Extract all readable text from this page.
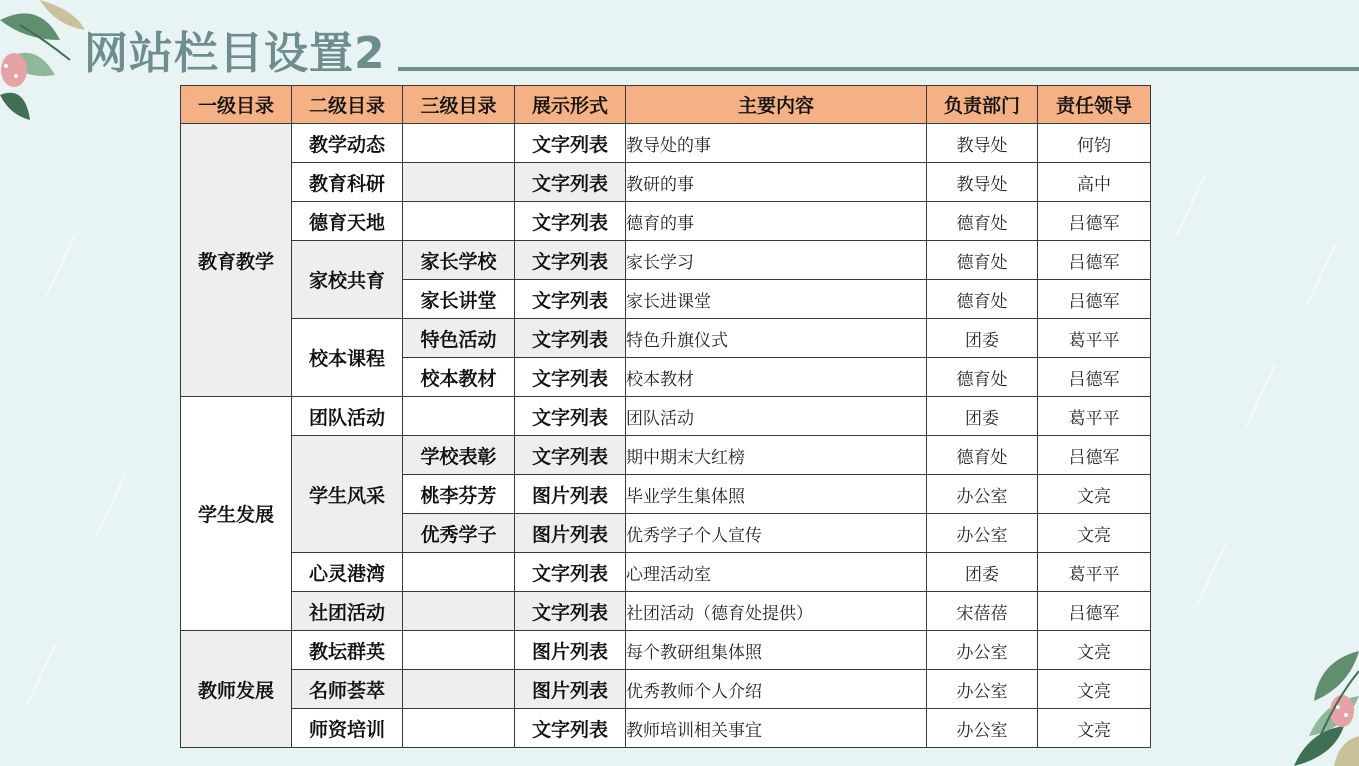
网站栏目设置2
一级目录	二级目录	三级目录	展示形式	主要内容	负责部门	责任领导
教育教学	教学动态		文字列表	教导处的事	教导处	何钧
	教育科研		文字列表	教研的事	教导处	高中
	德育天地		文字列表	德育的事	德育处	吕德军
	家校共育	家长学校	文字列表	家长学习	德育处	吕德军
		家长讲堂	文字列表	家长进课堂	德育处	吕德军
	校本课程	特色活动	文字列表	特色升旗仪式	团委	葛平平
		校本教材	文字列表	校本教材	德育处	吕德军
学生发展	团队活动		文字列表	团队活动	团委	葛平平
	学生风采	学校表彰	文字列表	期中期末大红榜	德育处	吕德军
		桃李芬芳	图片列表	毕业学生集体照	办公室	文亮
		优秀学子	图片列表	优秀学子个人宣传	办公室	文亮
	心灵港湾		文字列表	心理活动室	团委	葛平平
	社团活动		文字列表	社团活动（德育处提供）	宋蓓蓓	吕德军
教师发展	教坛群英		图片列表	每个教研组集体照	办公室	文亮
	名师荟萃		图片列表	优秀教师个人介绍	办公室	文亮
	师资培训		文字列表	教师培训相关事宜	办公室	文亮
